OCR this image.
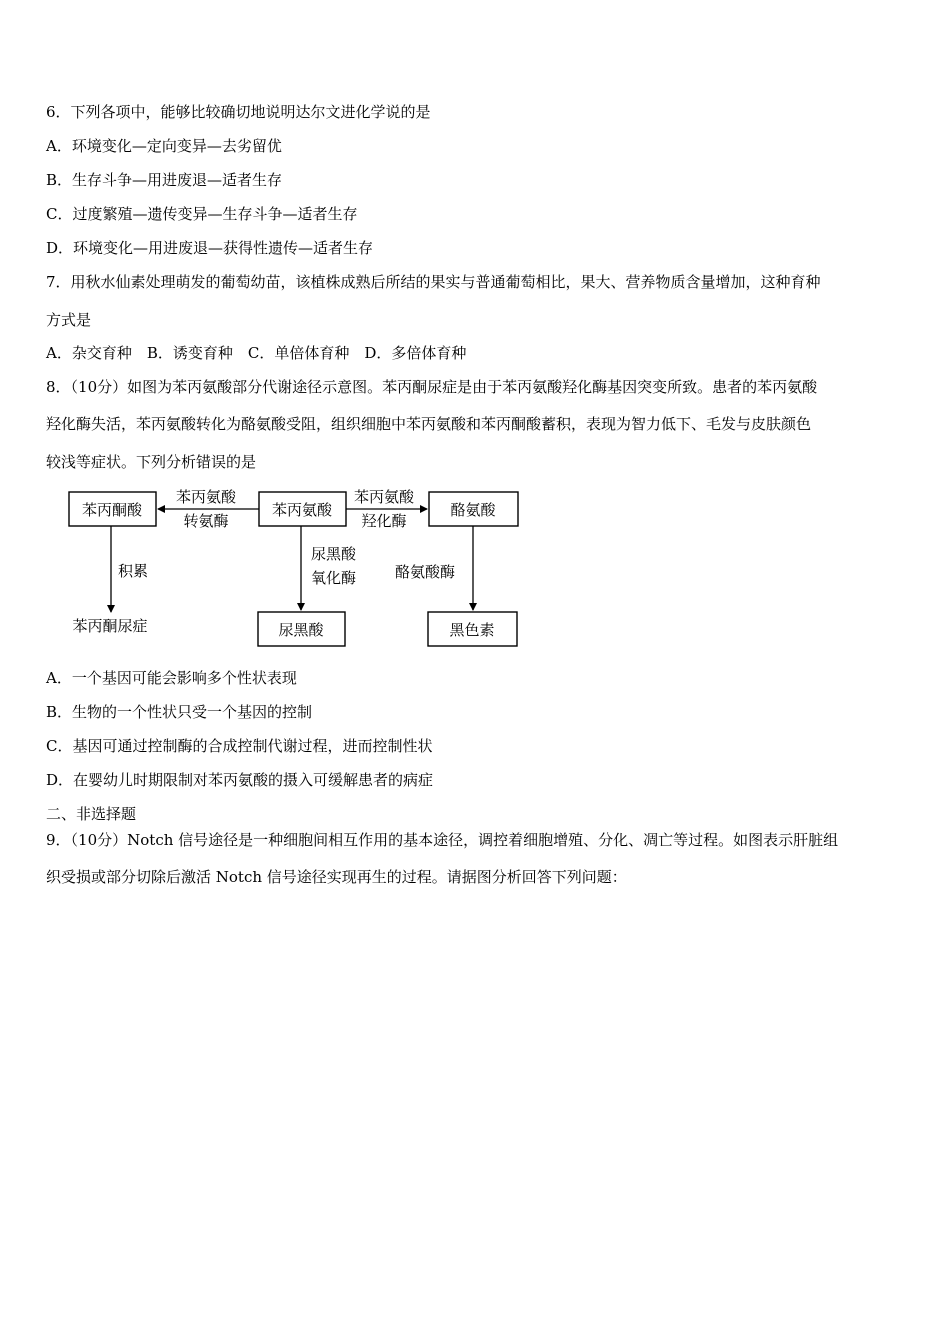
6．下列各项中，能够比较确切地说明达尔文进化学说的是
A．环境变化—定向变异—去劣留优
B．生存斗争—用进废退—适者生存
C．过度繁殖—遗传变异—生存斗争—适者生存
D．环境变化—用进废退—获得性遗传—适者生存
7．用秋水仙素处理萌发的葡萄幼苗，该植株成熟后所结的果实与普通葡萄相比，果大、营养物质含量增加，这种育种
方式是
A．杂交育种　B．诱变育种　C．单倍体育种　D．多倍体育种
8．（10分）如图为苯丙氨酸部分代谢途径示意图。苯丙酮尿症是由于苯丙氨酸羟化酶基因突变所致。患者的苯丙氨酸
羟化酶失活，苯丙氨酸转化为酪氨酸受阻，组织细胞中苯丙氨酸和苯丙酮酸蓄积，表现为智力低下、毛发与皮肤颜色
较浅等症状。下列分析错误的是
苯丙酮酸	苯丙氨酸	酪氨酸
尿黑酸	黑色素
苯丙酮尿症
苯丙氨酸
转氨酶
苯丙氨酸
羟化酶
积累
尿黑酸
氧化酶	酪氨酸酶
A．一个基因可能会影响多个性状表现
B．生物的一个性状只受一个基因的控制
C．基因可通过控制酶的合成控制代谢过程，进而控制性状
D．在婴幼儿时期限制对苯丙氨酸的摄入可缓解患者的病症
二、非选择题
9．（10分）Notch 信号途径是一种细胞间相互作用的基本途径，调控着细胞增殖、分化、凋亡等过程。如图表示肝脏组
织受损或部分切除后激活 Notch 信号途径实现再生的过程。请据图分析回答下列问题：
